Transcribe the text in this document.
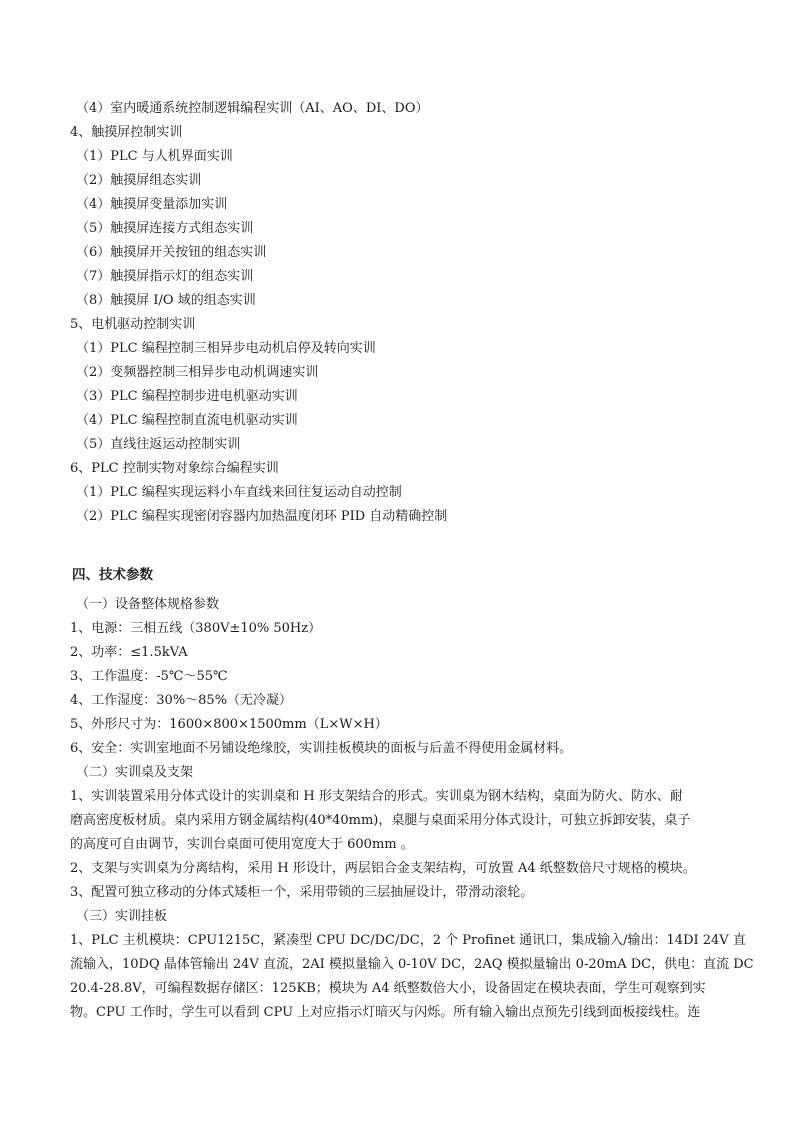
（4）室内暖通系统控制逻辑编程实训（AI、AO、DI、DO）
4、触摸屏控制实训
（1）PLC 与人机界面实训
（2）触摸屏组态实训
（4）触摸屏变量添加实训
（5）触摸屏连接方式组态实训
（6）触摸屏开关按钮的组态实训
（7）触摸屏指示灯的组态实训
（8）触摸屏 I/O 域的组态实训
5、电机驱动控制实训
（1）PLC 编程控制三相异步电动机启停及转向实训
（2）变频器控制三相异步电动机调速实训
（3）PLC 编程控制步进电机驱动实训
（4）PLC 编程控制直流电机驱动实训
（5）直线往返运动控制实训
6、PLC 控制实物对象综合编程实训
（1）PLC 编程实现运料小车直线来回往复运动自动控制
（2）PLC 编程实现密闭容器内加热温度闭环 PID 自动精确控制
四、技术参数
（一）设备整体规格参数
1、电源：三相五线（380V±10% 50Hz）
2、功率：≤1.5kVA
3、工作温度：-5℃～55℃
4、工作湿度：30%～85%（无冷凝）
5、外形尺寸为：1600×800×1500mm（L×W×H）
6、安全：实训室地面不另铺设绝缘胶，实训挂板模块的面板与后盖不得使用金属材料。
（二）实训桌及支架
1、实训装置采用分体式设计的实训桌和 H 形支架结合的形式。实训桌为钢木结构，桌面为防火、防水、耐
磨高密度板材质。桌内采用方钢金属结构(40*40mm)，桌腿与桌面采用分体式设计，可独立拆卸安装，桌子
的高度可自由调节，实训台桌面可使用宽度大于 600mm 。
2、支架与实训桌为分离结构，采用 H 形设计，两层铝合金支架结构，可放置 A4 纸整数倍尺寸规格的模块。
3、配置可独立移动的分体式矮柜一个，采用带锁的三层抽屉设计，带滑动滚轮。
（三）实训挂板
1、PLC 主机模块：CPU1215C，紧凑型 CPU DC/DC/DC，2 个 Profinet 通讯口，集成输入/输出：14DI 24V 直
流输入，10DQ 晶体管输出 24V 直流，2AI 模拟量输入 0-10V DC，2AQ 模拟量输出 0-20mA DC，供电：直流 DC
20.4-28.8V，可编程数据存储区：125KB；模块为 A4 纸整数倍大小，设备固定在模块表面，学生可观察到实
物。CPU 工作时，学生可以看到 CPU 上对应指示灯暗灭与闪烁。所有输入输出点预先引线到面板接线柱。连
